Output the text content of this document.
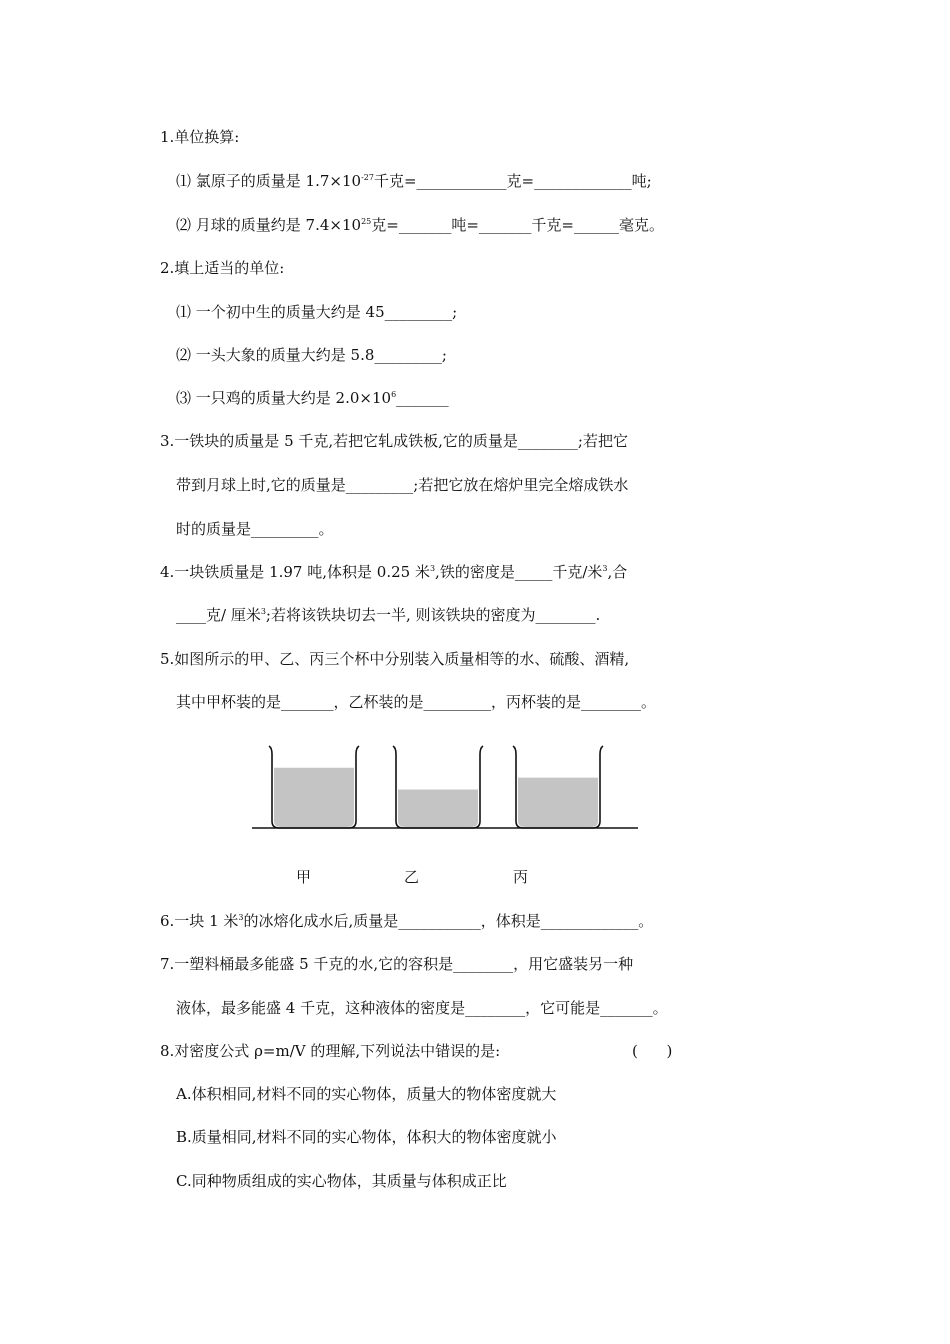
1.单位换算:
⑴ 氯原子的质量是 $1.7\times 10^{-27}$千克=____________克=_____________吨;
⑵ 月球的质量约是 $7.4\times 10^{25}$克=_______吨=_______千克=______毫克。
2.填上适当的单位:
⑴ 一个初中生的质量大约是 45_________;
⑵ 一头大象的质量大约是 5.8_________;
⑶ 一只鸡的质量大约是 $2.0\times 10^6\_\_\_\_\_\_\_$
3.一铁块的质量是 5 千克,若把它轧成铁板,它的质量是________;若把它
带到月球上时,它的质量是_________;若把它放在熔炉里完全熔成铁水
时的质量是_________。
4.一块铁质量是 1.97 吨,体积是 0.25 米$^3$,铁的密度是_____千克/米$^3$,合
____克/ 厘米$^3$;若将该铁块切去一半, 则该铁块的密度为________.
5.如图所示的甲、乙、丙三个杯中分别装入质量相等的水、硫酸、酒精,
其中甲杯装的是_______，乙杯装的是_________，丙杯装的是________。
甲	乙	丙
6.一块 1 米$^3$的冰熔化成水后,质量是___________，体积是_____________。
7.一塑料桶最多能盛 5 千克的水,它的容积是________，用它盛装另一种
液体，最多能盛 4 千克，这种液体的密度是________，它可能是_______。
8.对密度公式 ρ=m/V 的理解,下列说法中错误的是:	(      )
A.体积相同,材料不同的实心物体，质量大的物体密度就大
B.质量相同,材料不同的实心物体，体积大的物体密度就小
C.同种物质组成的实心物体，其质量与体积成正比
